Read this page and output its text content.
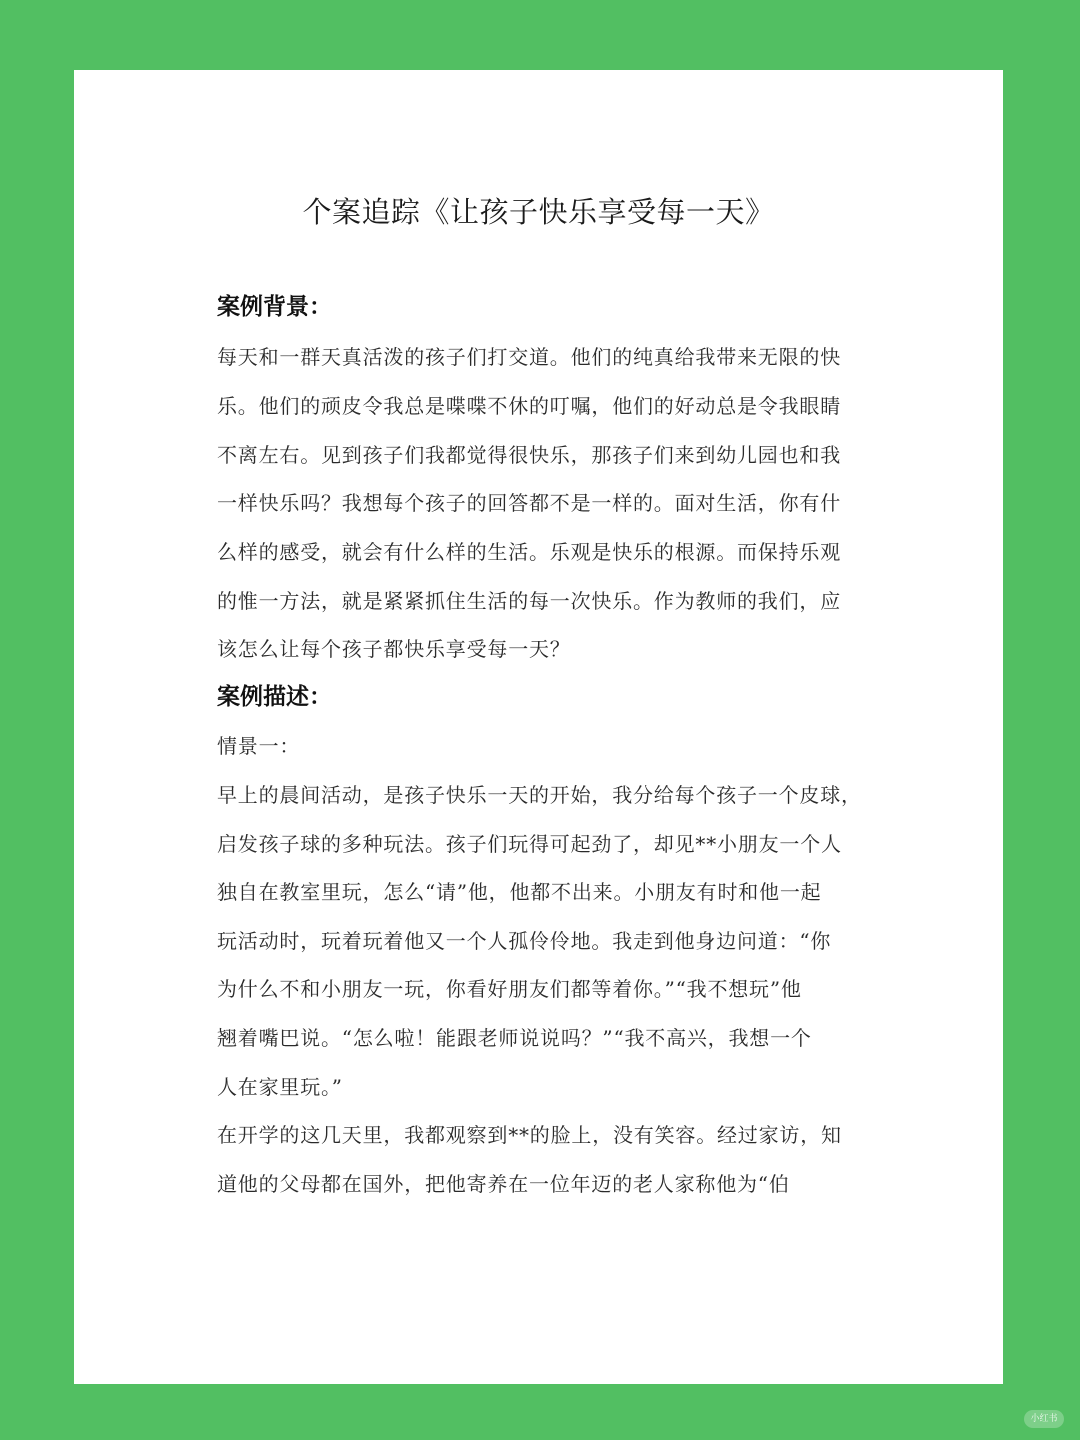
个案追踪《让孩子快乐享受每一天》
案例背景：
每天和一群天真活泼的孩子们打交道。他们的纯真给我带来无限的快
乐。他们的顽皮令我总是喋喋不休的叮嘱，他们的好动总是令我眼睛
不离左右。见到孩子们我都觉得很快乐，那孩子们来到幼儿园也和我
一样快乐吗？我想每个孩子的回答都不是一样的。面对生活，你有什
么样的感受，就会有什么样的生活。乐观是快乐的根源。而保持乐观
的惟一方法，就是紧紧抓住生活的每一次快乐。作为教师的我们，应
该怎么让每个孩子都快乐享受每一天？
案例描述：
情景一：
早上的晨间活动，是孩子快乐一天的开始，我分给每个孩子一个皮球，
启发孩子球的多种玩法。孩子们玩得可起劲了，却见**小朋友一个人
独自在教室里玩，怎么“请”他，他都不出来。小朋友有时和他一起
玩活动时，玩着玩着他又一个人孤伶伶地。我走到他身边问道：“你
为什么不和小朋友一玩，你看好朋友们都等着你。”“我不想玩”他
翘着嘴巴说。“怎么啦！能跟老师说说吗？”“我不高兴，我想一个
人在家里玩。”
在开学的这几天里，我都观察到**的脸上，没有笑容。经过家访，知
道他的父母都在国外，把他寄养在一位年迈的老人家称他为“伯
小红书
